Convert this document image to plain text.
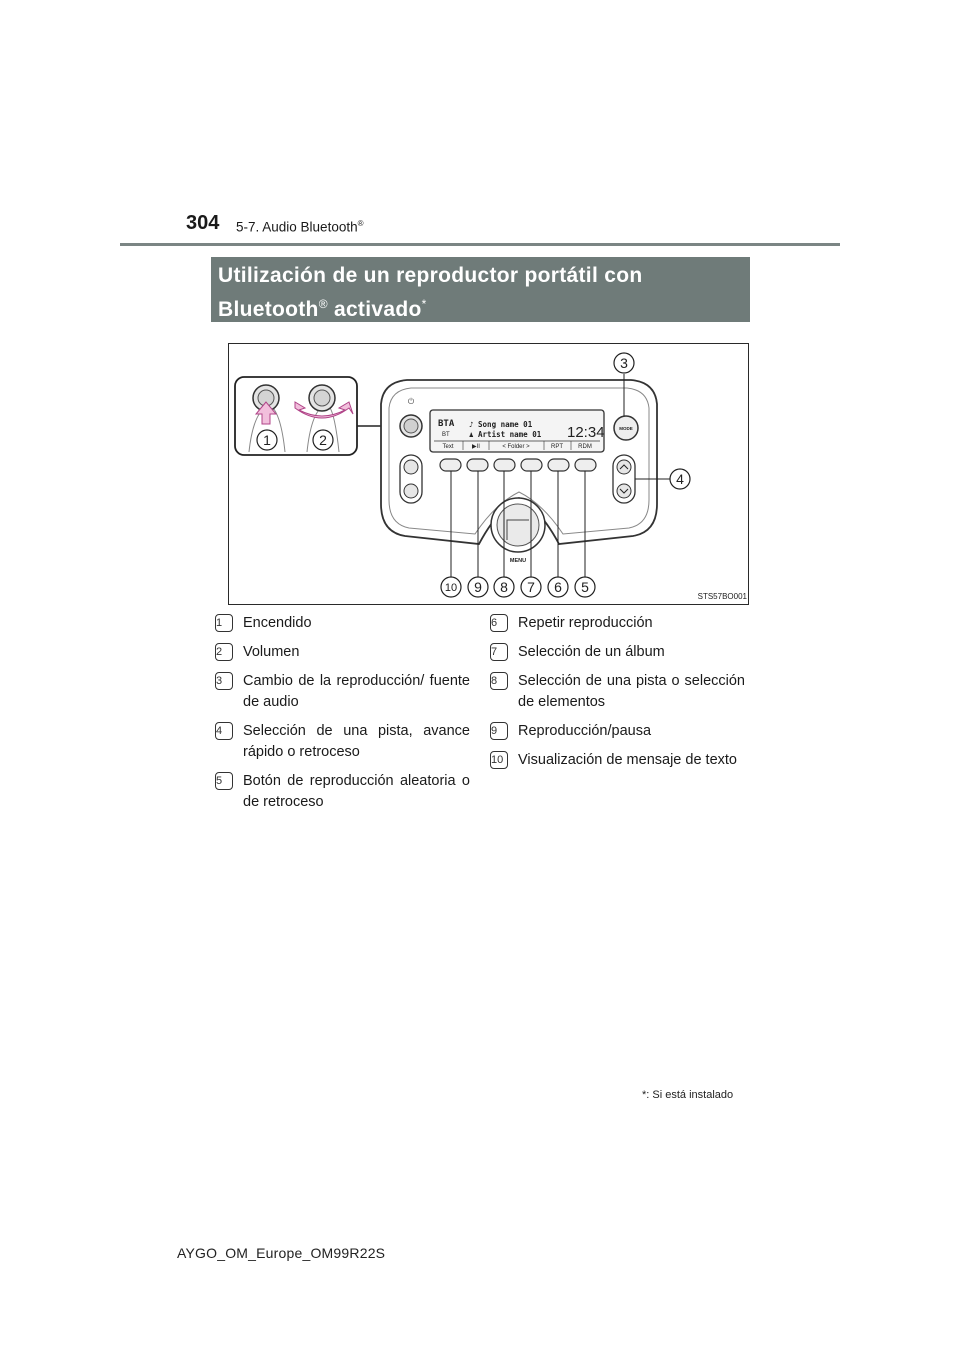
304 5-7. Audio Bluetooth®
Utilización de un reproductor portátil con
Bluetooth® activado*
1	2
⏻
BTA
BT
♪ Song name 01
♟ Artist name 01 12:34
Text	▶II	< Folder >	RPT	RDM
MODE
MENU
3
4
5
6
7
8
9
10
STS57BO001
1	Encendido
2	Volumen
3	Cambio de la reproducción/ fuente de audio
4	Selección de una pista, avance rápido o retroceso
5	Botón de reproducción aleatoria o de retroceso
6	Repetir reproducción
7	Selección de un álbum
8	Selección de una pista o selección de elementos
9	Reproducción/pausa
10	Visualización de mensaje de texto
*: Si está instalado
AYGO_OM_Europe_OM99R22S
